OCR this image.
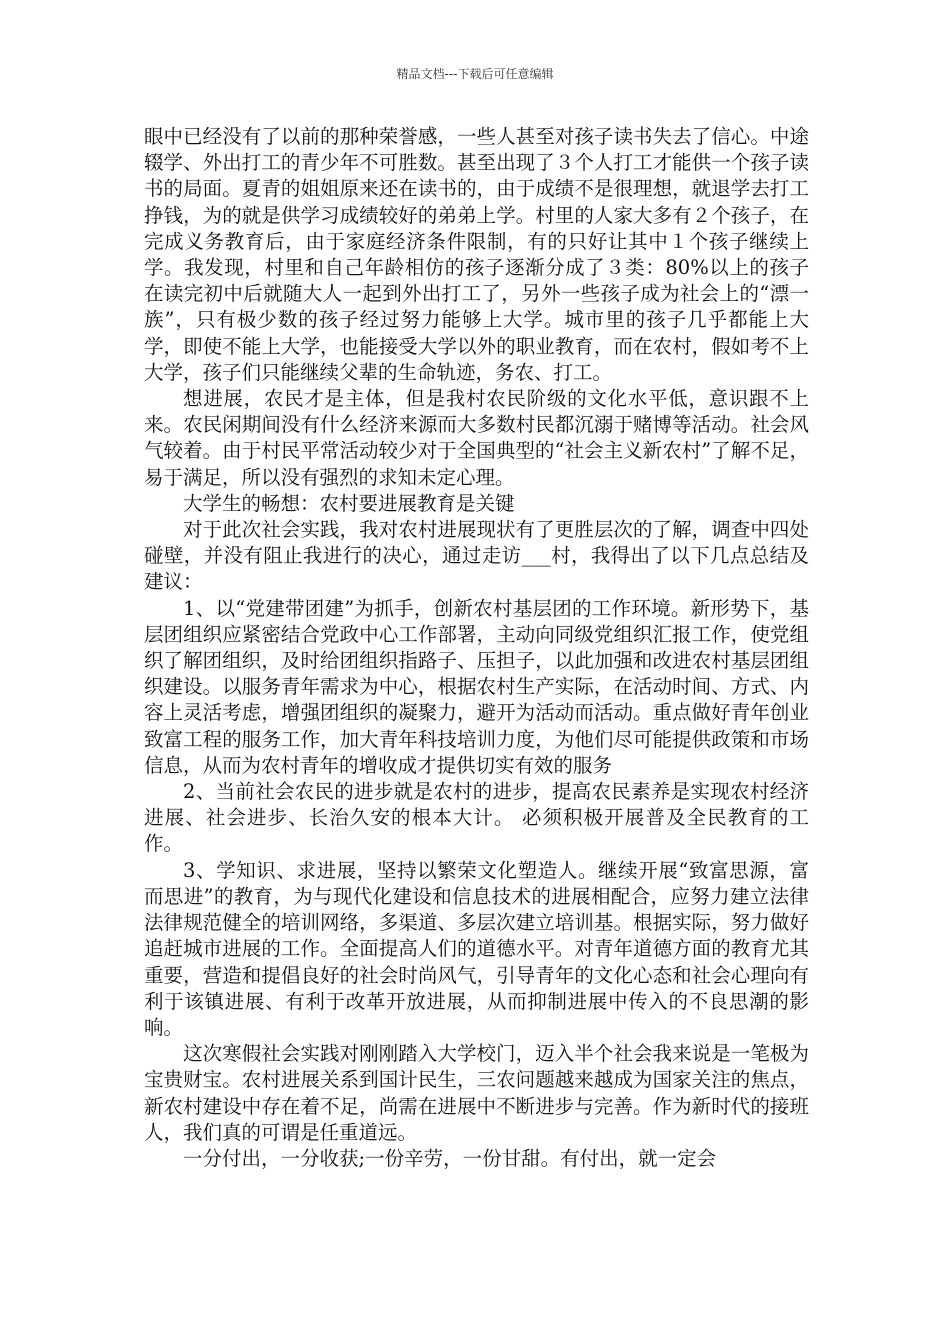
精品文档---下载后可任意编辑

眼中已经没有了以前的那种荣誉感，一些人甚至对孩子读书失去了信心。中途辍学、外出打工的青少年不可胜数。甚至出现了３个人打工才能供一个孩子读书的局面。夏青的姐姐原来还在读书的，由于成绩不是很理想，就退学去打工挣钱，为的就是供学习成绩较好的弟弟上学。村里的人家大多有２个孩子，在完成义务教育后，由于家庭经济条件限制，有的只好让其中１个孩子继续上学。我发现，村里和自己年龄相仿的孩子逐渐分成了３类：80%以上的孩子在读完初中后就随大人一起到外出打工了，另外一些孩子成为社会上的“漂一族”，只有极少数的孩子经过努力能够上大学。城市里的孩子几乎都能上大学，即使不能上大学，也能接受大学以外的职业教育，而在农村，假如考不上大学，孩子们只能继续父辈的生命轨迹，务农、打工。

想进展，农民才是主体，但是我村农民阶级的文化水平低，意识跟不上来。农民闲期间没有什么经济来源而大多数村民都沉溺于赌博等活动。社会风气较着。由于村民平常活动较少对于全国典型的“社会主义新农村”了解不足，易于满足，所以没有强烈的求知未定心理。

大学生的畅想：农村要进展教育是关键

对于此次社会实践，我对农村进展现状有了更胜层次的了解，调查中四处碰壁，并没有阻止我进行的决心，通过走访___村，我得出了以下几点总结及建议：

1、以“党建带团建”为抓手，创新农村基层团的工作环境。新形势下，基层团组织应紧密结合党政中心工作部署，主动向同级党组织汇报工作，使党组织了解团组织，及时给团组织指路子、压担子，以此加强和改进农村基层团组织建设。以服务青年需求为中心，根据农村生产实际，在活动时间、方式、内容上灵活考虑，增强团组织的凝聚力，避开为活动而活动。重点做好青年创业致富工程的服务工作，加大青年科技培训力度，为他们尽可能提供政策和市场信息，从而为农村青年的增收成才提供切实有效的服务

2、当前社会农民的进步就是农村的进步，提高农民素养是实现农村经济进展、社会进步、长治久安的根本大计。 必须积极开展普及全民教育的工作。

3、学知识、求进展，坚持以繁荣文化塑造人。继续开展“致富思源，富而思进”的教育，为与现代化建设和信息技术的进展相配合，应努力建立法律法律规范健全的培训网络，多渠道、多层次建立培训基。根据实际，努力做好追赶城市进展的工作。全面提高人们的道德水平。对青年道德方面的教育尤其重要，营造和提倡良好的社会时尚风气，引导青年的文化心态和社会心理向有利于该镇进展、有利于改革开放进展，从而抑制进展中传入的不良思潮的影响。

这次寒假社会实践对刚刚踏入大学校门，迈入半个社会我来说是一笔极为宝贵财宝。农村进展关系到国计民生，三农问题越来越成为国家关注的焦点，新农村建设中存在着不足，尚需在进展中不断进步与完善。作为新时代的接班人，我们真的可谓是任重道远。

一分付出，一分收获;一份辛劳，一份甘甜。有付出，就一定会
